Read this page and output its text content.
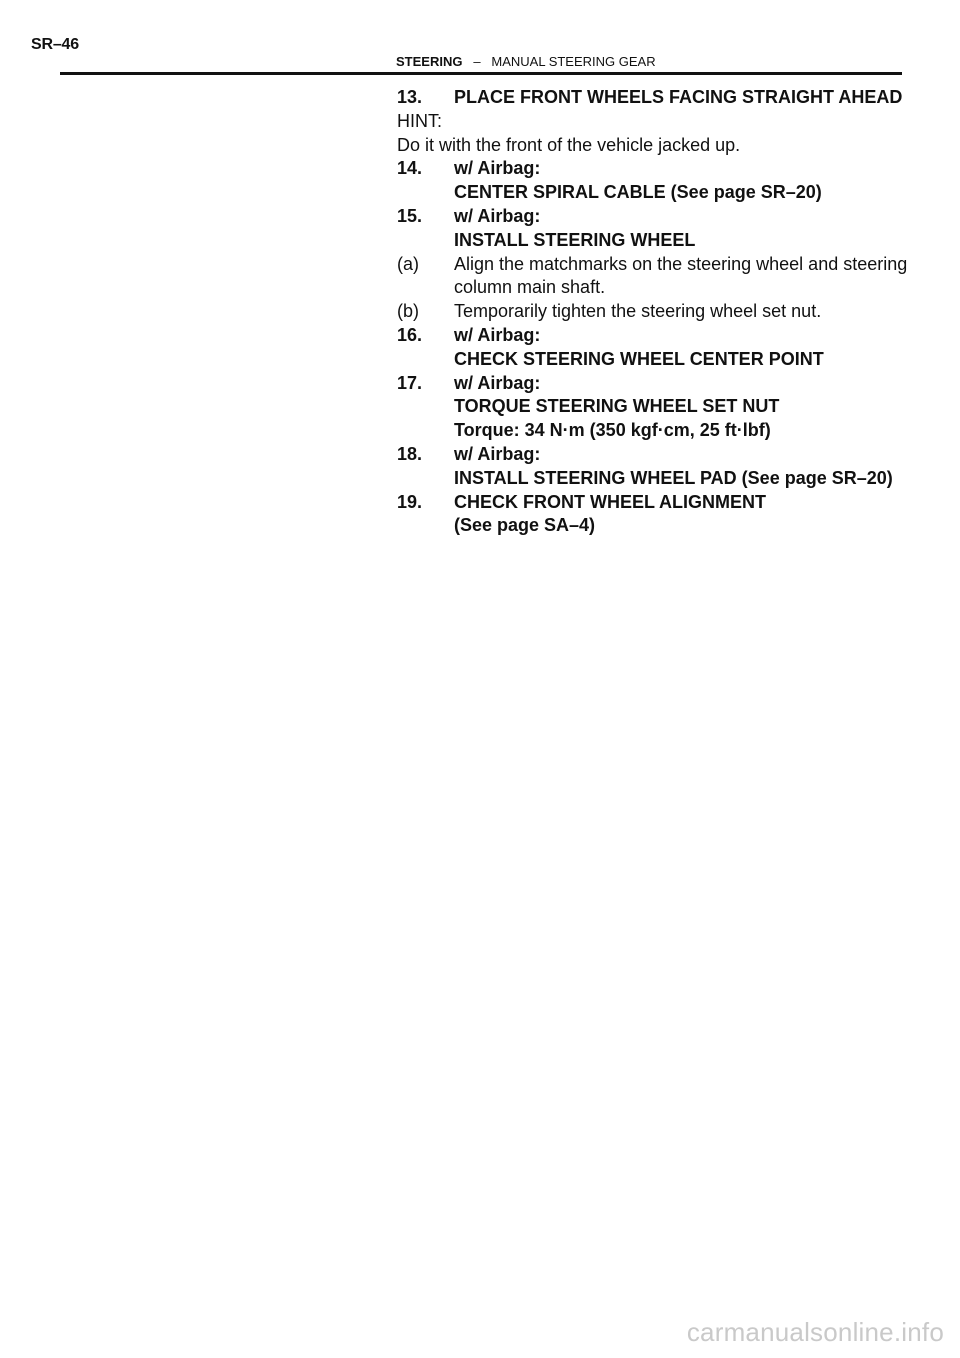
SR–46
STEERING – MANUAL STEERING GEAR
13.	PLACE FRONT WHEELS FACING STRAIGHT AHEAD
HINT:
Do it with the front of the vehicle jacked up.
14.	w/ Airbag:
CENTER SPIRAL CABLE (See page SR–20)
15.	w/ Airbag:
INSTALL STEERING WHEEL
(a)	Align the matchmarks on the steering wheel and steering
column main shaft.
(b)	Temporarily tighten the steering wheel set nut.
16.	w/ Airbag:
CHECK STEERING WHEEL CENTER POINT
17.	w/ Airbag:
TORQUE STEERING WHEEL SET NUT
Torque: 34 N·m (350 kgf·cm, 25 ft·lbf)
18.	w/ Airbag:
INSTALL STEERING WHEEL PAD (See page SR–20)
19.	CHECK FRONT WHEEL ALIGNMENT
(See page SA–4)
carmanualsonline.info
